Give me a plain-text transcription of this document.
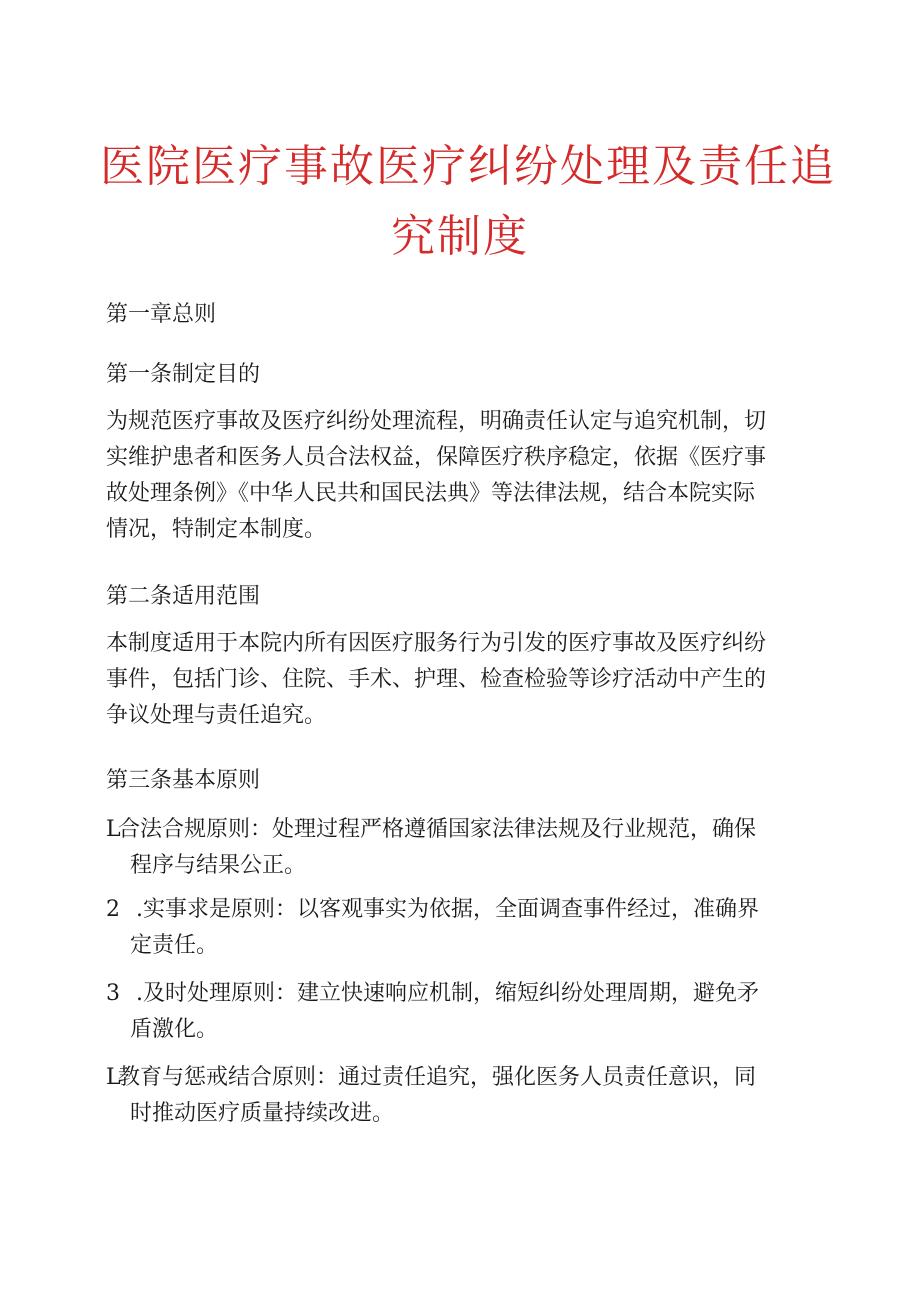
医院医疗事故医疗纠纷处理及责任追
究制度

第一章总则

第一条制定目的

为规范医疗事故及医疗纠纷处理流程，明确责任认定与追究机制，切
实维护患者和医务人员合法权益，保障医疗秩序稳定，依据《医疗事
故处理条例》《中华人民共和国民法典》等法律法规，结合本院实际
情况，特制定本制度。

第二条适用范围

本制度适用于本院内所有因医疗服务行为引发的医疗事故及医疗纠纷
事件，包括门诊、住院、手术、护理、检查检验等诊疗活动中产生的
争议处理与责任追究。

第三条基本原则

L合法合规原则：处理过程严格遵循国家法律法规及行业规范，确保
程序与结果公正。
2 .实事求是原则：以客观事实为依据，全面调查事件经过，准确界
定责任。
3 .及时处理原则：建立快速响应机制，缩短纠纷处理周期，避免矛
盾激化。
L教育与惩戒结合原则：通过责任追究，强化医务人员责任意识，同
时推动医疗质量持续改进。
